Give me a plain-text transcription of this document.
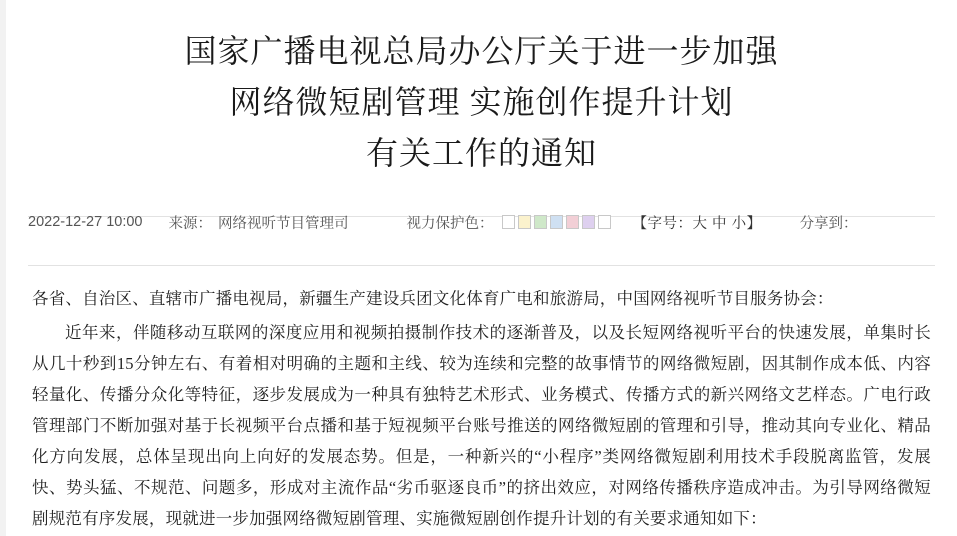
国家广播电视总局办公厅关于进一步加强
网络微短剧管理 实施创作提升计划
有关工作的通知
2022-12-27 10:00 来源： 网络视听节目管理司	视力保护色：	【字号：大 中 小】	分享到：

各省、自治区、直辖市广播电视局，新疆生产建设兵团文化体育广电和旅游局，中国网络视听节目服务协会：

近年来，伴随移动互联网的深度应用和视频拍摄制作技术的逐渐普及，以及长短网络视听平台的快速发展，单集时长从几十秒到15分钟左右、有着相对明确的主题和主线、较为连续和完整的故事情节的网络微短剧，因其制作成本低、内容轻量化、传播分众化等特征，逐步发展成为一种具有独特艺术形式、业务模式、传播方式的新兴网络文艺样态。广电行政管理部门不断加强对基于长视频平台点播和基于短视频平台账号推送的网络微短剧的管理和引导，推动其向专业化、精品化方向发展，总体呈现出向上向好的发展态势。但是，一种新兴的“小程序”类网络微短剧利用技术手段脱离监管，发展快、势头猛、不规范、问题多，形成对主流作品“劣币驱逐良币”的挤出效应，对网络传播秩序造成冲击。为引导网络微短剧规范有序发展，现就进一步加强网络微短剧管理、实施微短剧创作提升计划的有关要求通知如下：
